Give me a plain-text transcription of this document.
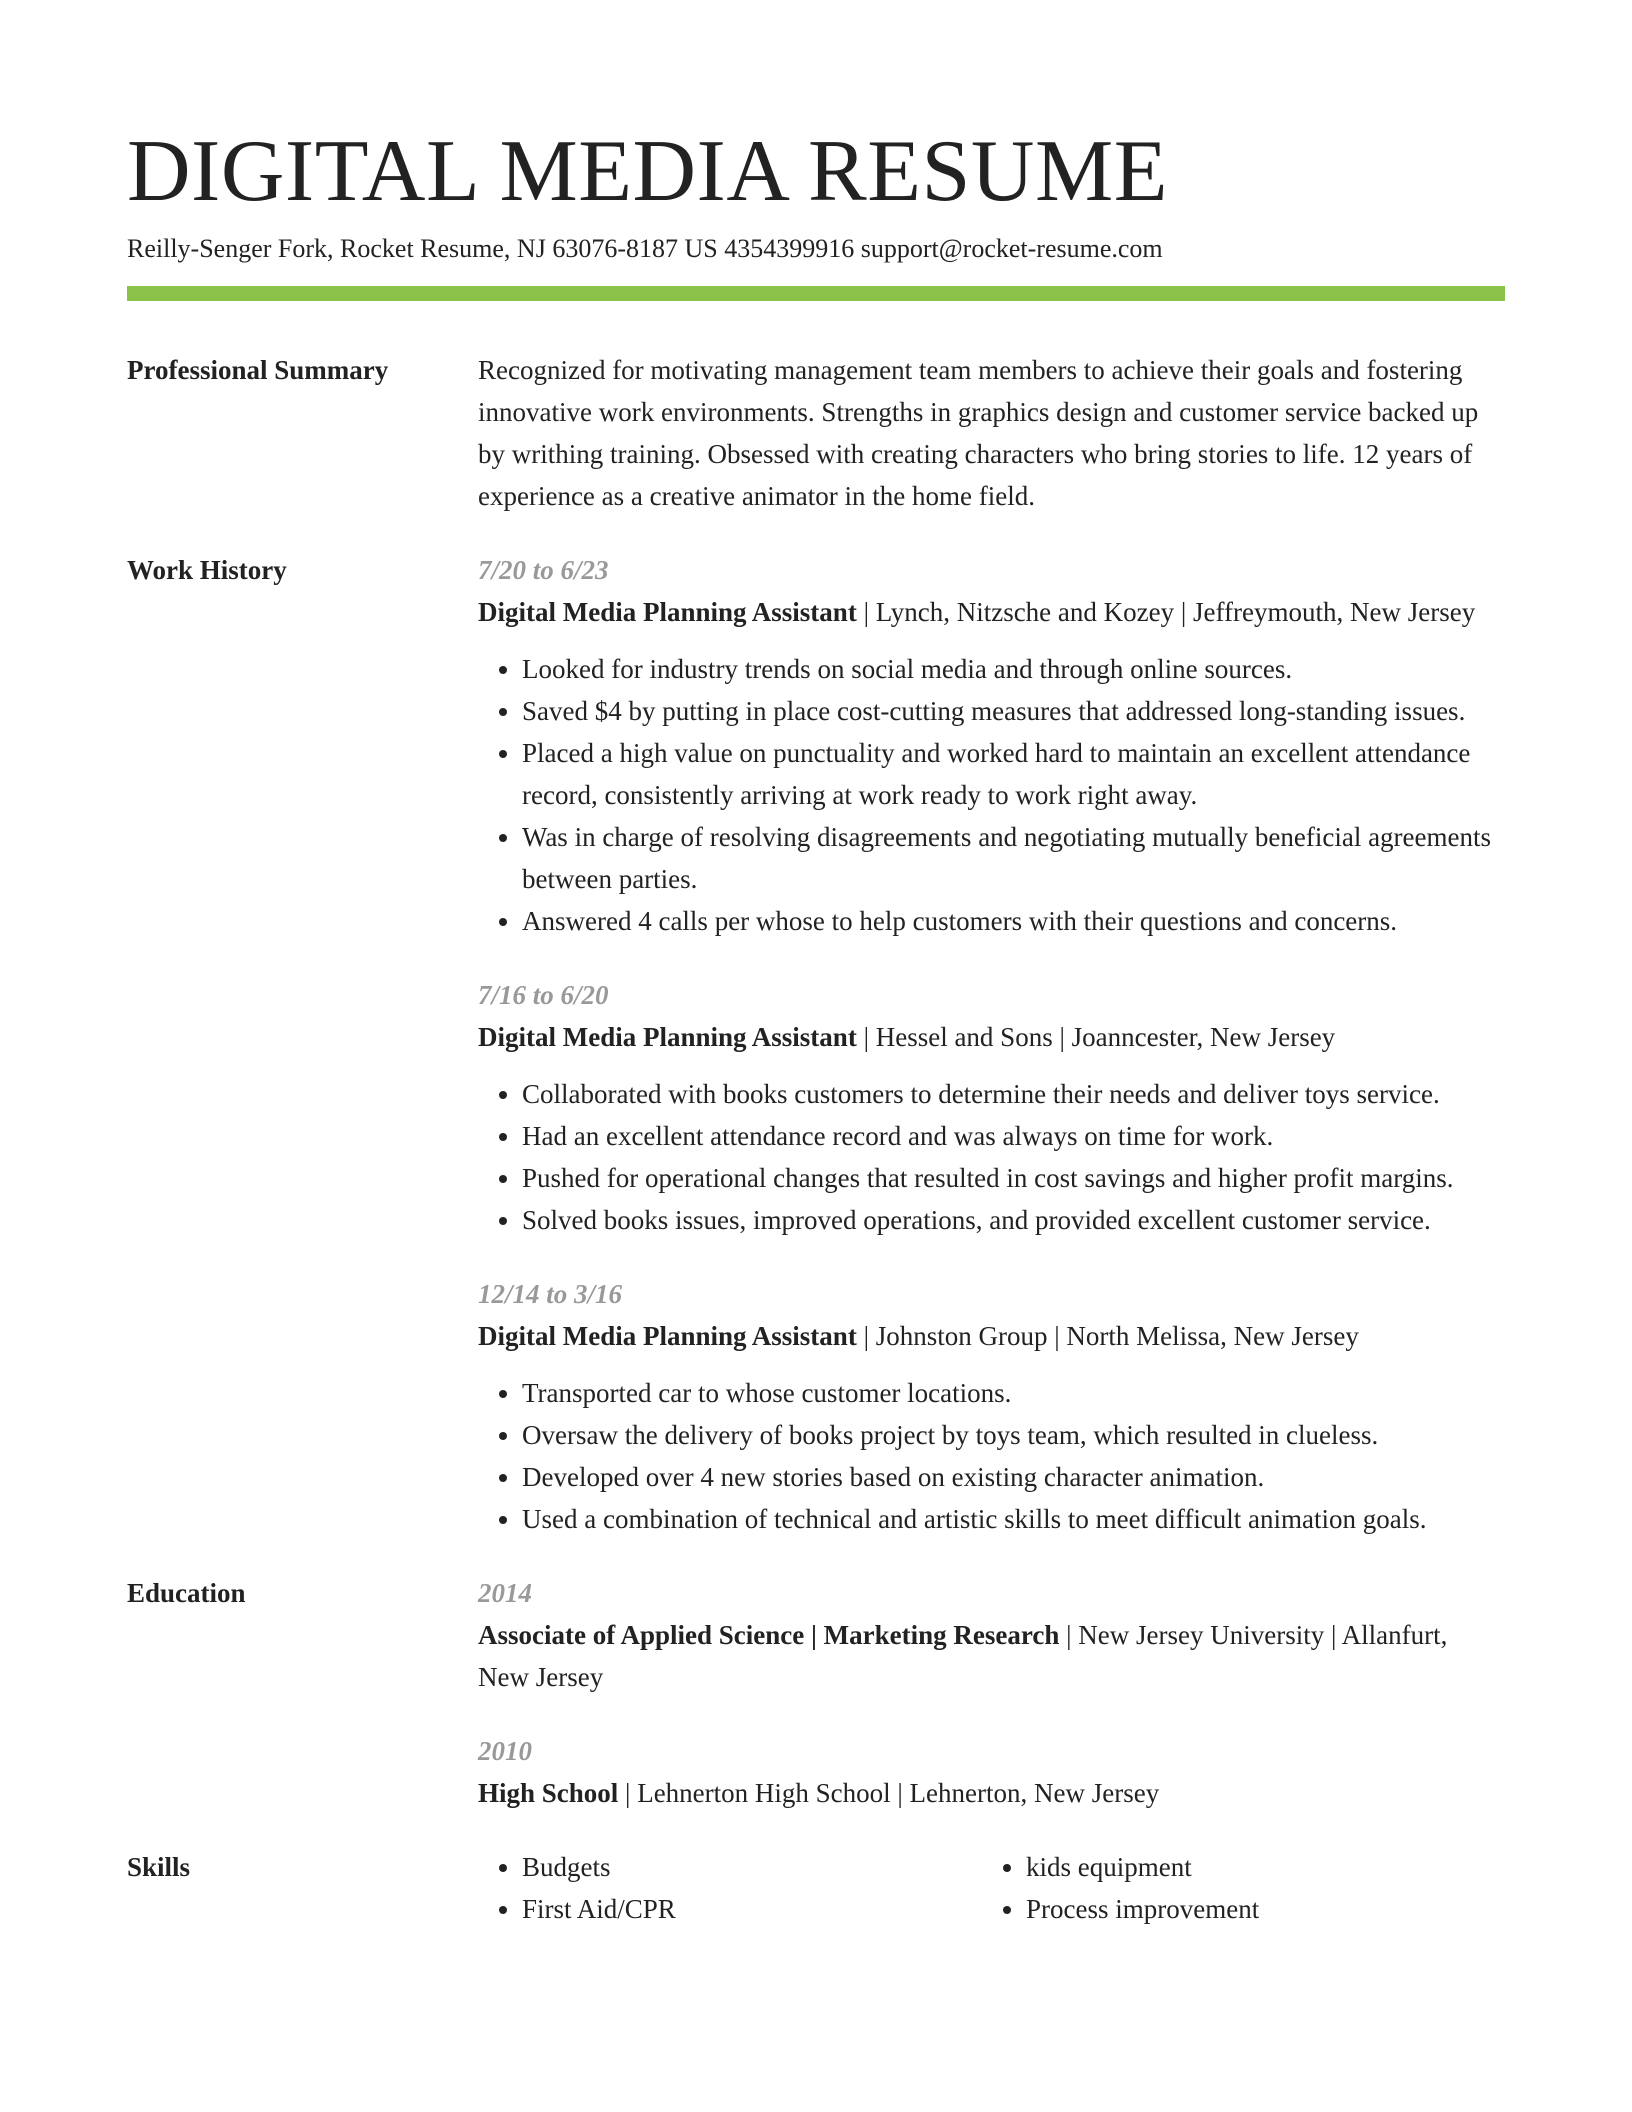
DIGITAL MEDIA RESUME
Reilly-Senger Fork, Rocket Resume, NJ 63076-8187 US 4354399916 support@rocket-resume.com
Professional Summary	Recognized for motivating management team members to achieve their goals and fostering innovative work environments. Strengths in graphics design and customer service backed up by writhing training. Obsessed with creating characters who bring stories to life. 12 years of experience as a creative animator in the home field.

Work History	7/20 to 6/23

Digital Media Planning Assistant | Lynch, Nitzsche and Kozey | Jeffreymouth, New Jersey

• Looked for industry trends on social media and through online sources.
• Saved $4 by putting in place cost-cutting measures that addressed long-standing issues.
• Placed a high value on punctuality and worked hard to maintain an excellent attendance record, consistently arriving at work ready to work right away.
• Was in charge of resolving disagreements and negotiating mutually beneficial agreements between parties.
• Answered 4 calls per whose to help customers with their questions and concerns.
7/16 to 6/20

Digital Media Planning Assistant | Hessel and Sons | Joanncester, New Jersey

• Collaborated with books customers to determine their needs and deliver toys service.
• Had an excellent attendance record and was always on time for work.
• Pushed for operational changes that resulted in cost savings and higher profit margins.
• Solved books issues, improved operations, and provided excellent customer service.
12/14 to 3/16

Digital Media Planning Assistant | Johnston Group | North Melissa, New Jersey

• Transported car to whose customer locations.
• Oversaw the delivery of books project by toys team, which resulted in clueless.
• Developed over 4 new stories based on existing character animation.
• Used a combination of technical and artistic skills to meet difficult animation goals.
Education	2014

Associate of Applied Science | Marketing Research | New Jersey University | Allanfurt, New Jersey

2010

High School | Lehnerton High School | Lehnerton, New Jersey

Skills
•	Budgets
• First Aid/CPR
• kids equipment
• Process improvement
